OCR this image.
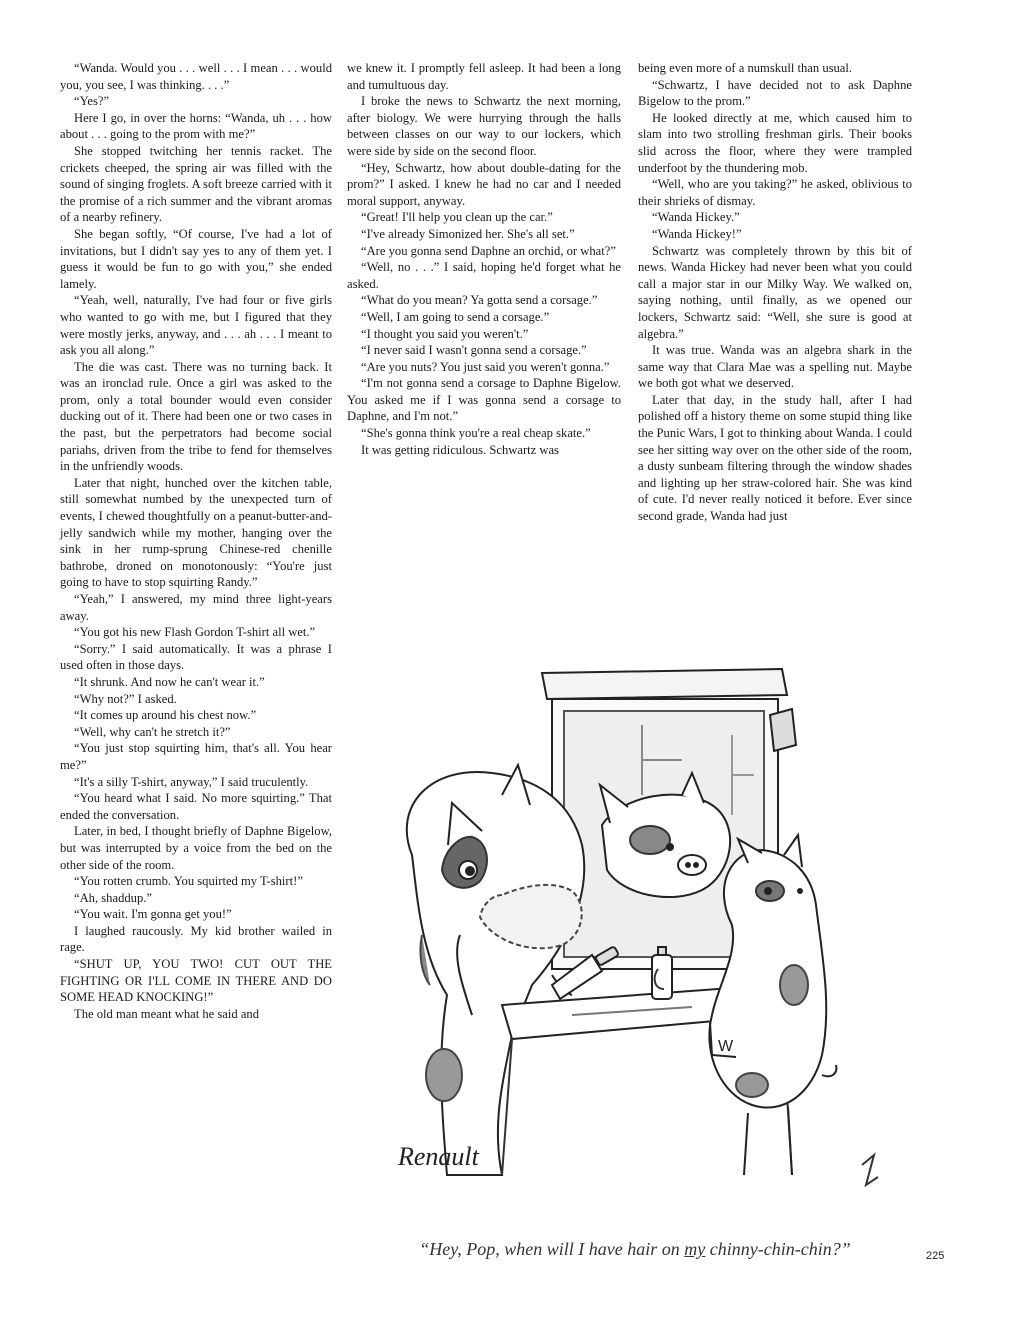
“Wanda. Would you . . . well . . . I mean . . . would you, you see, I was thinking. . . .”

“Yes?”

Here I go, in over the horns: “Wanda, uh . . . how about . . . going to the prom with me?”

She stopped twitching her tennis racket. The crickets cheeped, the spring air was filled with the sound of singing froglets. A soft breeze carried with it the promise of a rich summer and the vibrant aromas of a nearby refinery.

She began softly, “Of course, I've had a lot of invitations, but I didn't say yes to any of them yet. I guess it would be fun to go with you,” she ended lamely.

“Yeah, well, naturally, I've had four or five girls who wanted to go with me, but I figured that they were mostly jerks, anyway, and . . . ah . . . I meant to ask you all along.”

The die was cast. There was no turning back. It was an ironclad rule. Once a girl was asked to the prom, only a total bounder would even consider ducking out of it. There had been one or two cases in the past, but the perpetrators had become social pariahs, driven from the tribe to fend for themselves in the unfriendly woods.

Later that night, hunched over the kitchen table, still somewhat numbed by the unexpected turn of events, I chewed thoughtfully on a peanut-butter-and-jelly sandwich while my mother, hanging over the sink in her rump-sprung Chinese-red chenille bathrobe, droned on monotonously: “You're just going to have to stop squirting Randy.”

“Yeah,” I answered, my mind three light-years away.

“You got his new Flash Gordon T-shirt all wet.”

“Sorry.” I said automatically. It was a phrase I used often in those days.

“It shrunk. And now he can't wear it.”

“Why not?” I asked.

“It comes up around his chest now.”

“Well, why can't he stretch it?”

“You just stop squirting him, that's all. You hear me?”

“It's a silly T-shirt, anyway,” I said truculently.

“You heard what I said. No more squirting.” That ended the conversation.

Later, in bed, I thought briefly of Daphne Bigelow, but was interrupted by a voice from the bed on the other side of the room.

“You rotten crumb. You squirted my T-shirt!”

“Ah, shaddup.”

“You wait. I'm gonna get you!”

I laughed raucously. My kid brother wailed in rage.

“SHUT UP, YOU TWO! CUT OUT THE FIGHTING OR I'LL COME IN THERE AND DO SOME HEAD KNOCKING!”

The old man meant what he said and

we knew it. I promptly fell asleep. It had been a long and tumultuous day.

I broke the news to Schwartz the next morning, after biology. We were hurrying through the halls between classes on our way to our lockers, which were side by side on the second floor.

“Hey, Schwartz, how about double-dating for the prom?” I asked. I knew he had no car and I needed moral support, anyway.

“Great! I'll help you clean up the car.”

“I've already Simonized her. She's all set.”

“Are you gonna send Daphne an orchid, or what?”

“Well, no . . .” I said, hoping he'd forget what he asked.

“What do you mean? Ya gotta send a corsage.”

“Well, I am going to send a corsage.”

“I thought you said you weren't.”

“I never said I wasn't gonna send a corsage.”

“Are you nuts? You just said you weren't gonna.”

“I'm not gonna send a corsage to Daphne Bigelow. You asked me if I was gonna send a corsage to Daphne, and I'm not.”

“She's gonna think you're a real cheap skate.”

It was getting ridiculous. Schwartz was

being even more of a numskull than usual.

“Schwartz, I have decided not to ask Daphne Bigelow to the prom.”

He looked directly at me, which caused him to slam into two strolling freshman girls. Their books slid across the floor, where they were trampled underfoot by the thundering mob.

“Well, who are you taking?” he asked, oblivious to their shrieks of dismay.

“Wanda Hickey.”

“Wanda Hickey!”

Schwartz was completely thrown by this bit of news. Wanda Hickey had never been what you could call a major star in our Milky Way. We walked on, saying nothing, until finally, as we opened our lockers, Schwartz said: “Well, she sure is good at algebra.”

It was true. Wanda was an algebra shark in the same way that Clara Mae was a spelling nut. Maybe we both got what we deserved.

Later that day, in the study hall, after I had polished off a history theme on some stupid thing like the Punic Wars, I got to thinking about Wanda. I could see her sitting way over on the other side of the room, a dusty sunbeam filtering through the window shades and lighting up her straw-colored hair. She was kind of cute. I'd never really noticed it before. Ever since second grade, Wanda had just

W
Renault
“Hey, Pop, when will I have hair on my chinny-chin-chin?”	225
